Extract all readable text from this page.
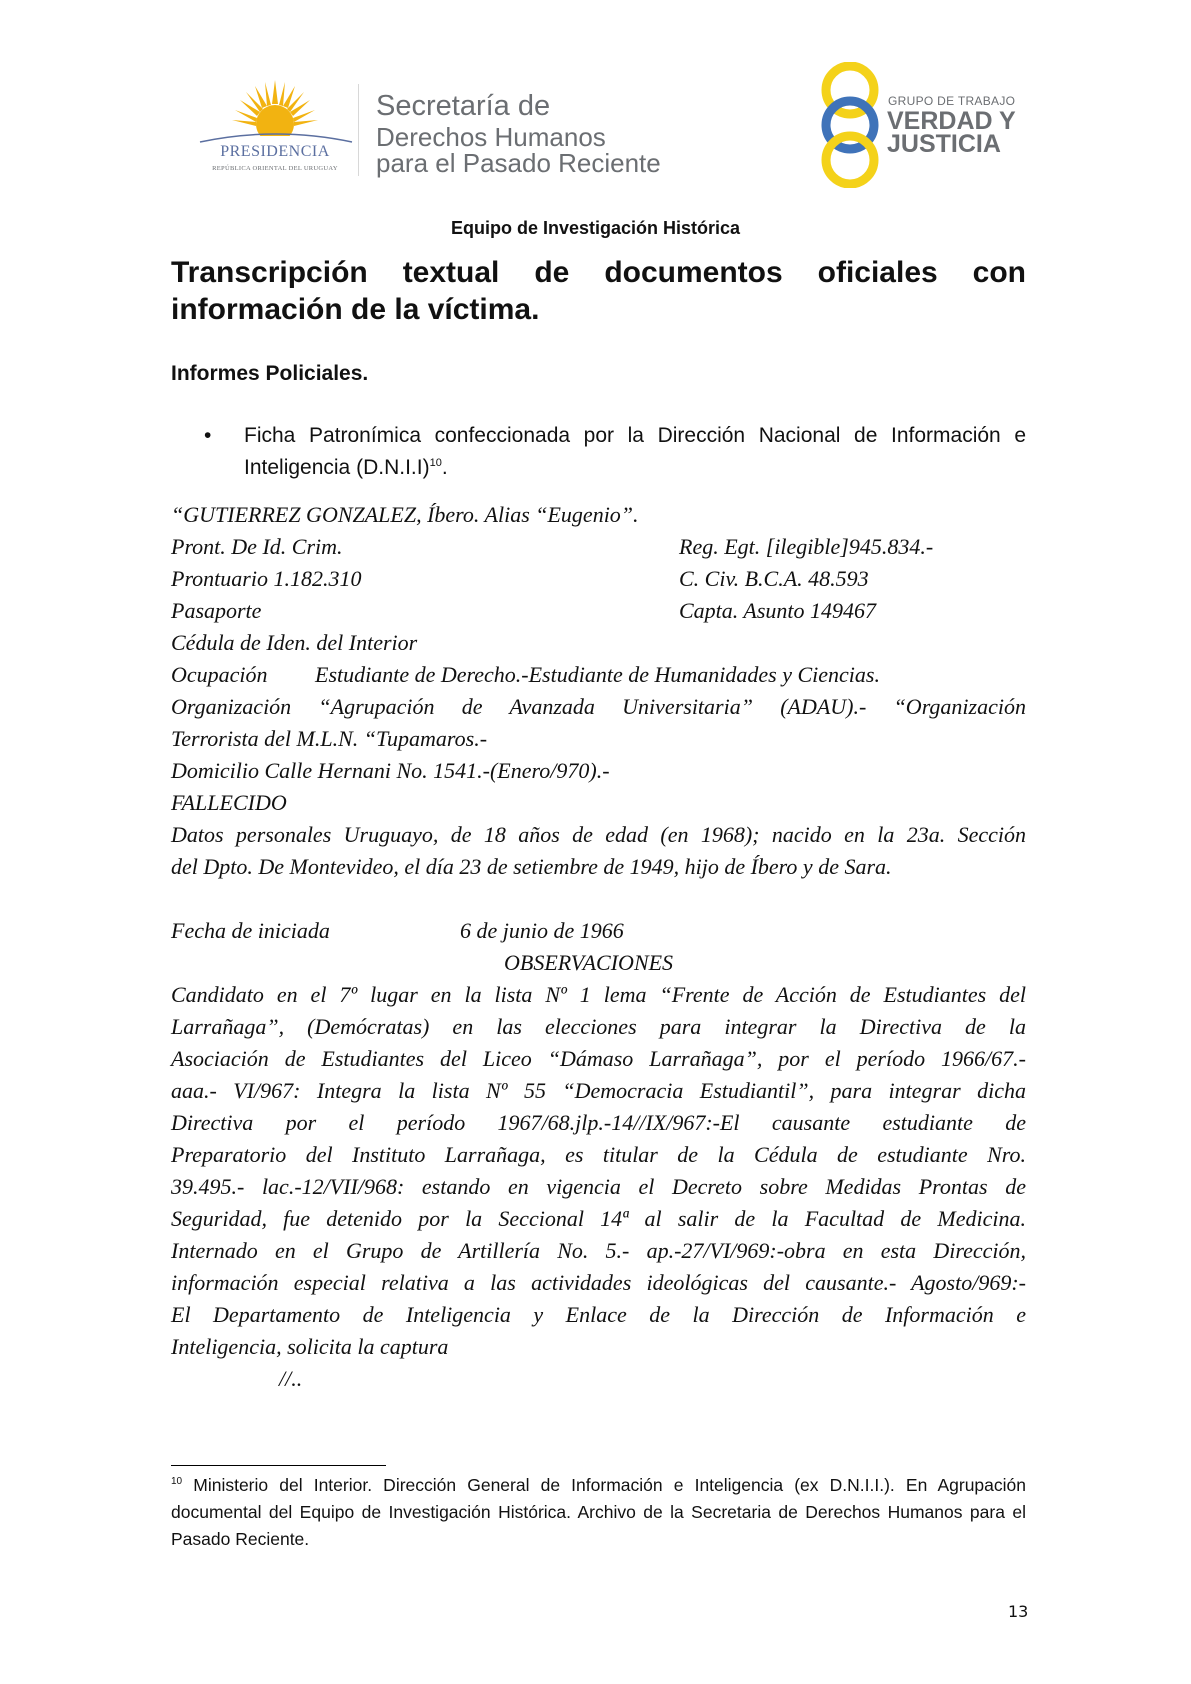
PRESIDENCIA
REPÚBLICA ORIENTAL DEL URUGUAY
Secretaría de
Derechos Humanos
para el Pasado Reciente
GRUPO DE TRABAJO
VERDAD Y
JUSTICIA
Equipo de Investigación Histórica
Transcripción textual de documentos oficiales con información de la víctima.
Informes Policiales.
• Ficha Patronímica confeccionada por la Dirección Nacional de Información e Inteligencia $(D.N.I.I)^{10}$.
“GUTIERREZ GONZALEZ, Íbero. Alias “Eugenio”.
Pront. De Id. Crim.	Reg. Egt. [ilegible]945.834.-
Prontuario 1.182.310	C. Civ. B.C.A. 48.593
Pasaporte	Capta. Asunto 149467
Cédula de Iden. del Interior
Ocupación Estudiante de Derecho.-Estudiante de Humanidades y Ciencias.
Organización “Agrupación de Avanzada Universitaria” (ADAU).- “Organización
Terrorista del M.L.N. “Tupamaros.-
Domicilio Calle Hernani No. 1541.-(Enero/970).-
FALLECIDO
Datos personales Uruguayo, de 18 años de edad (en 1968); nacido en la 23a. Sección
del Dpto. De Montevideo, el día 23 de setiembre de 1949, hijo de Íbero y de Sara.
Fecha de iniciada	6 de junio de 1966
OBSERVACIONES
Candidato en el 7º lugar en la lista Nº 1 lema “Frente de Acción de Estudiantes del
Larrañaga”, (Demócratas) en las elecciones para integrar la Directiva de la
Asociación de Estudiantes del Liceo “Dámaso Larrañaga”, por el período 1966/67.-
aaa.- VI/967: Integra la lista Nº 55 “Democracia Estudiantil”, para integrar dicha
Directiva por el período 1967/68.jlp.-14//IX/967:-El causante estudiante de
Preparatorio del Instituto Larrañaga, es titular de la Cédula de estudiante Nro.
39.495.- lac.-12/VII/968: estando en vigencia el Decreto sobre Medidas Prontas de
Seguridad, fue detenido por la Seccional 14ª al salir de la Facultad de Medicina.
Internado en el Grupo de Artillería No. 5.- ap.-27/VI/969:-obra en esta Dirección,
información especial relativa a las actividades ideológicas del causante.- Agosto/969:-
El Departamento de Inteligencia y Enlace de la Dirección de Información e
Inteligencia, solicita la captura
//..
$^{10}$ Ministerio del Interior. Dirección General de Información e Inteligencia (ex D.N.I.I.). En Agrupación documental del Equipo de Investigación Histórica. Archivo de la Secretaria de Derechos Humanos para el Pasado Reciente.
13
